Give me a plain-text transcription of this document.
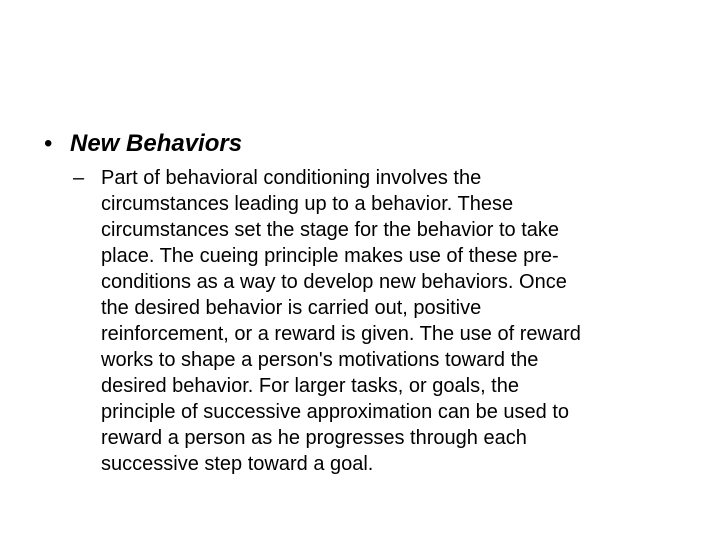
• New Behaviors
– Part of behavioral conditioning involves the
circumstances leading up to a behavior. These
circumstances set the stage for the behavior to take
place. The cueing principle makes use of these pre-
conditions as a way to develop new behaviors. Once
the desired behavior is carried out, positive
reinforcement, or a reward is given. The use of reward
works to shape a person's motivations toward the
desired behavior. For larger tasks, or goals, the
principle of successive approximation can be used to
reward a person as he progresses through each
successive step toward a goal.
